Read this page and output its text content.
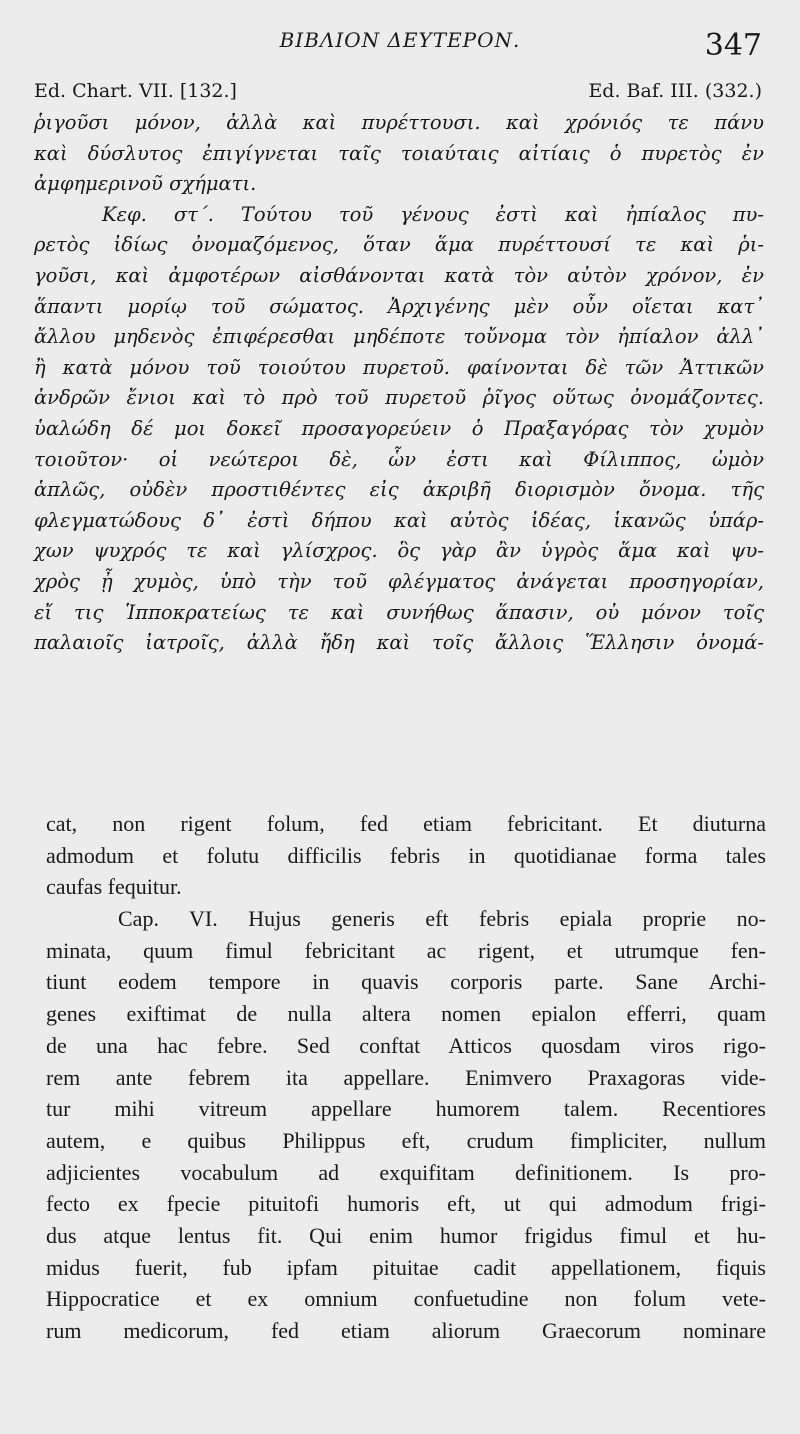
ΒΙΒΛΙΟΝ ΔΕΥΤΕΡΟΝ.	347
Ed. Chart. VII. [132.]	Ed. Baf. III. (332.)
ῥιγοῦσι μόνον, ἀλλὰ καὶ πυρέττουσι. καὶ χρόνιός τε πάνυ
καὶ δύσλυτος ἐπιγίγνεται ταῖς τοιαύταις αἰτίαις ὁ πυρετὸς ἐν
ἀμφημερινοῦ σχήματι.
Κεφ. στ΄. Τούτου τοῦ γένους ἐστὶ καὶ ἠπίαλος πυ-
ρετὸς ἰδίως ὀνομαζόμενος, ὅταν ἅμα πυρέττουσί τε καὶ ῥι-
γοῦσι, καὶ ἀμφοτέρων αἰσθάνονται κατὰ τὸν αὐτὸν χρόνον, ἐν
ἅπαντι μορίῳ τοῦ σώματος. Ἀρχιγένης μὲν οὖν οἴεται κατ᾽
ἄλλου μηδενὸς ἐπιφέρεσθαι μηδέποτε τοὔνομα τὸν ἠπίαλον ἀλλ᾽
ἢ κατὰ μόνου τοῦ τοιούτου πυρετοῦ. φαίνονται δὲ τῶν Ἀττικῶν
ἀνδρῶν ἔνιοι καὶ τὸ πρὸ τοῦ πυρετοῦ ῥῖγος οὕτως ὀνομάζοντες.
ὑαλώδη δέ μοι δοκεῖ προσαγορεύειν ὁ Πραξαγόρας τὸν χυμὸν
τοιοῦτον· οἱ νεώτεροι δὲ, ὧν ἐστι καὶ Φίλιππος, ὠμὸν
ἁπλῶς, οὐδὲν προστιθέντες εἰς ἀκριβῆ διορισμὸν ὄνομα. τῆς
φλεγματώδους δ᾽ ἐστὶ δήπου καὶ αὐτὸς ἰδέας, ἱκανῶς ὑπάρ-
χων ψυχρός τε καὶ γλίσχρος. ὃς γὰρ ἂν ὑγρὸς ἅμα καὶ ψυ-
χρὸς ᾖ χυμὸς, ὑπὸ τὴν τοῦ φλέγματος ἀνάγεται προσηγορίαν,
εἴ τις Ἱπποκρατείως τε καὶ συνήθως ἅπασιν, οὐ μόνον τοῖς
παλαιοῖς ἰατροῖς, ἀλλὰ ἤδη καὶ τοῖς ἄλλοις Ἕλλησιν ὀνομά-
cat, non rigent folum, fed etiam febricitant. Et diuturna
admodum et folutu difficilis febris in quotidianae forma tales
caufas fequitur.
Cap. VI. Hujus generis eft febris epiala proprie no-
minata, quum fimul febricitant ac rigent, et utrumque fen-
tiunt eodem tempore in quavis corporis parte. Sane Archi-
genes exiftimat de nulla altera nomen epialon efferri, quam
de una hac febre. Sed conftat Atticos quosdam viros rigo-
rem ante febrem ita appellare. Enimvero Praxagoras vide-
tur mihi vitreum appellare humorem talem. Recentiores
autem, e quibus Philippus eft, crudum fimpliciter, nullum
adjicientes vocabulum ad exquifitam definitionem. Is pro-
fecto ex fpecie pituitofi humoris eft, ut qui admodum frigi-
dus atque lentus fit. Qui enim humor frigidus fimul et hu-
midus fuerit, fub ipfam pituitae cadit appellationem, fiquis
Hippocratice et ex omnium confuetudine non folum vete-
rum medicorum, fed etiam aliorum Graecorum nominare
